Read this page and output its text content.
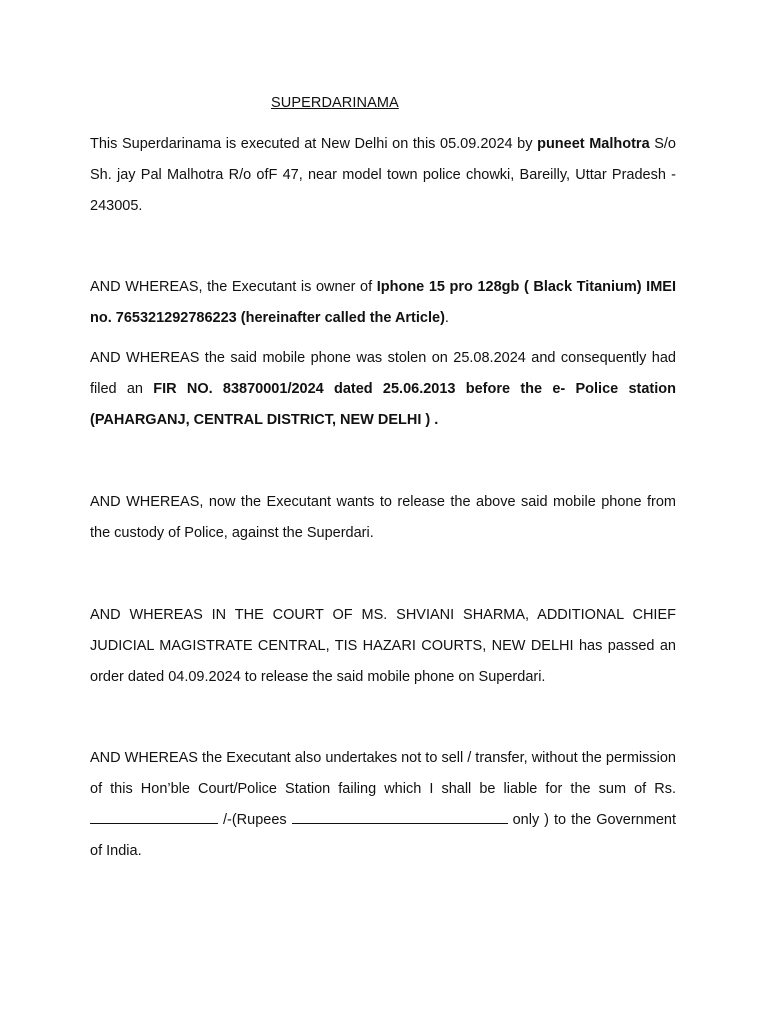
SUPERDARINAMA

This Superdarinama is executed at New Delhi on this 05.09.2024 by puneet Malhotra S/o Sh. jay Pal Malhotra R/o ofF 47, near model town police chowki, Bareilly, Uttar Pradesh - 243005.

AND WHEREAS, the Executant is owner of Iphone 15 pro 128gb ( Black Titanium) IMEI no. 765321292786223 (hereinafter called the Article).

AND WHEREAS the said mobile phone was stolen on 25.08.2024 and consequently had filed an FIR NO. 83870001/2024 dated 25.06.2013 before the e- Police station (PAHARGANJ, CENTRAL DISTRICT, NEW DELHI ) .

AND WHEREAS, now the Executant wants to release the above said mobile phone from the custody of Police, against the Superdari.

AND WHEREAS IN THE COURT OF MS. SHVIANI SHARMA, ADDITIONAL CHIEF JUDICIAL MAGISTRATE CENTRAL, TIS HAZARI COURTS, NEW DELHI has passed an order dated 04.09.2024 to release the said mobile phone on Superdari.

AND WHEREAS the Executant also undertakes not to sell / transfer, without the permission of this Hon’ble Court/Police Station failing which I shall be liable for the sum of Rs.  /-(Rupees	only ) to the Government of India.
